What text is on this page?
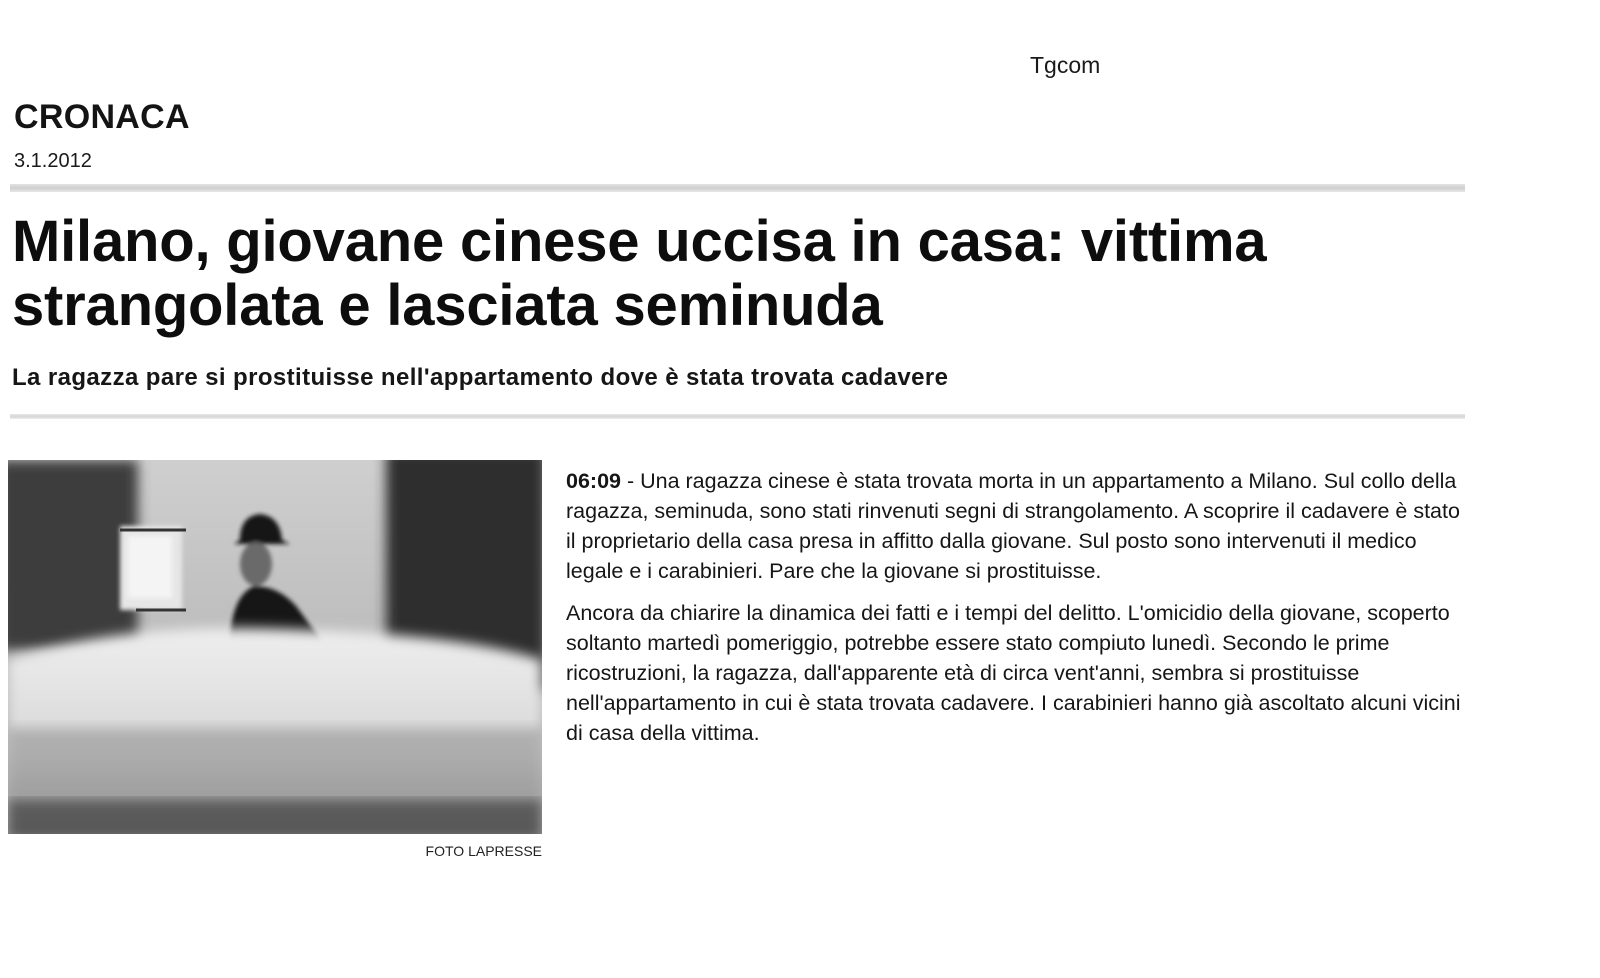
Tgcom
CRONACA
3.1.2012
Milano, giovane cinese uccisa in casa: vittima strangolata e lasciata seminuda
La ragazza pare si prostituisse nell'appartamento dove è stata trovata cadavere
FOTO LAPRESSE

06:09 - Una ragazza cinese è stata trovata morta in un appartamento a Milano. Sul collo della ragazza, seminuda, sono stati rinvenuti segni di strangolamento. A scoprire il cadavere è stato il proprietario della casa presa in affitto dalla giovane. Sul posto sono intervenuti il medico legale e i carabinieri. Pare che la giovane si prostituisse.

Ancora da chiarire la dinamica dei fatti e i tempi del delitto. L'omicidio della giovane, scoperto soltanto martedì pomeriggio, potrebbe essere stato compiuto lunedì. Secondo le prime ricostruzioni, la ragazza, dall'apparente età di circa vent'anni, sembra si prostituisse nell'appartamento in cui è stata trovata cadavere. I carabinieri hanno già ascoltato alcuni vicini di casa della vittima.
